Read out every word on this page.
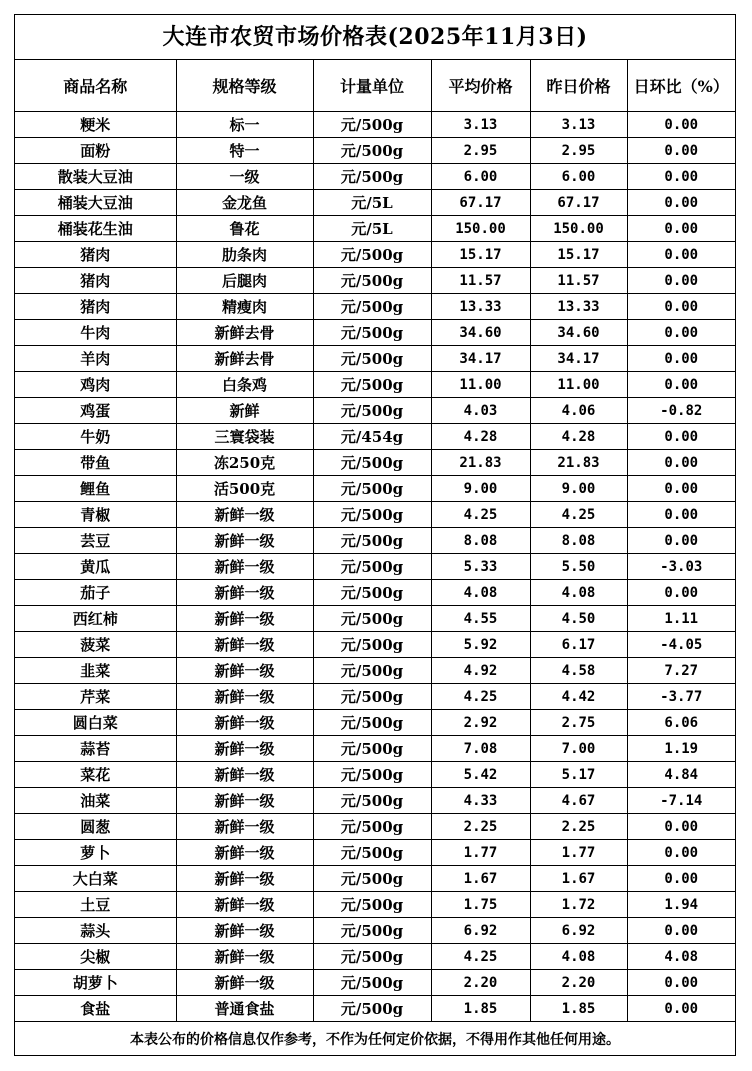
大连市农贸市场价格表(2025年11月3日)
商品名称	规格等级	计量单位	平均价格	昨日价格	日环比（%）
粳米	标一	元/500g	3.13	3.13	0.00
面粉	特一	元/500g	2.95	2.95	0.00
散装大豆油	一级	元/500g	6.00	6.00	0.00
桶装大豆油	金龙鱼	元/5L	67.17	67.17	0.00
桶装花生油	鲁花	元/5L	150.00	150.00	0.00
猪肉	肋条肉	元/500g	15.17	15.17	0.00
猪肉	后腿肉	元/500g	11.57	11.57	0.00
猪肉	精瘦肉	元/500g	13.33	13.33	0.00
牛肉	新鲜去骨	元/500g	34.60	34.60	0.00
羊肉	新鲜去骨	元/500g	34.17	34.17	0.00
鸡肉	白条鸡	元/500g	11.00	11.00	0.00
鸡蛋	新鲜	元/500g	4.03	4.06	-0.82
牛奶	三寰袋装	元/454g	4.28	4.28	0.00
带鱼	冻250克	元/500g	21.83	21.83	0.00
鲤鱼	活500克	元/500g	9.00	9.00	0.00
青椒	新鲜一级	元/500g	4.25	4.25	0.00
芸豆	新鲜一级	元/500g	8.08	8.08	0.00
黄瓜	新鲜一级	元/500g	5.33	5.50	-3.03
茄子	新鲜一级	元/500g	4.08	4.08	0.00
西红柿	新鲜一级	元/500g	4.55	4.50	1.11
菠菜	新鲜一级	元/500g	5.92	6.17	-4.05
韭菜	新鲜一级	元/500g	4.92	4.58	7.27
芹菜	新鲜一级	元/500g	4.25	4.42	-3.77
圆白菜	新鲜一级	元/500g	2.92	2.75	6.06
蒜苔	新鲜一级	元/500g	7.08	7.00	1.19
菜花	新鲜一级	元/500g	5.42	5.17	4.84
油菜	新鲜一级	元/500g	4.33	4.67	-7.14
圆葱	新鲜一级	元/500g	2.25	2.25	0.00
萝卜	新鲜一级	元/500g	1.77	1.77	0.00
大白菜	新鲜一级	元/500g	1.67	1.67	0.00
土豆	新鲜一级	元/500g	1.75	1.72	1.94
蒜头	新鲜一级	元/500g	6.92	6.92	0.00
尖椒	新鲜一级	元/500g	4.25	4.08	4.08
胡萝卜	新鲜一级	元/500g	2.20	2.20	0.00
食盐	普通食盐	元/500g	1.85	1.85	0.00
本表公布的价格信息仅作参考，不作为任何定价依据，不得用作其他任何用途。
